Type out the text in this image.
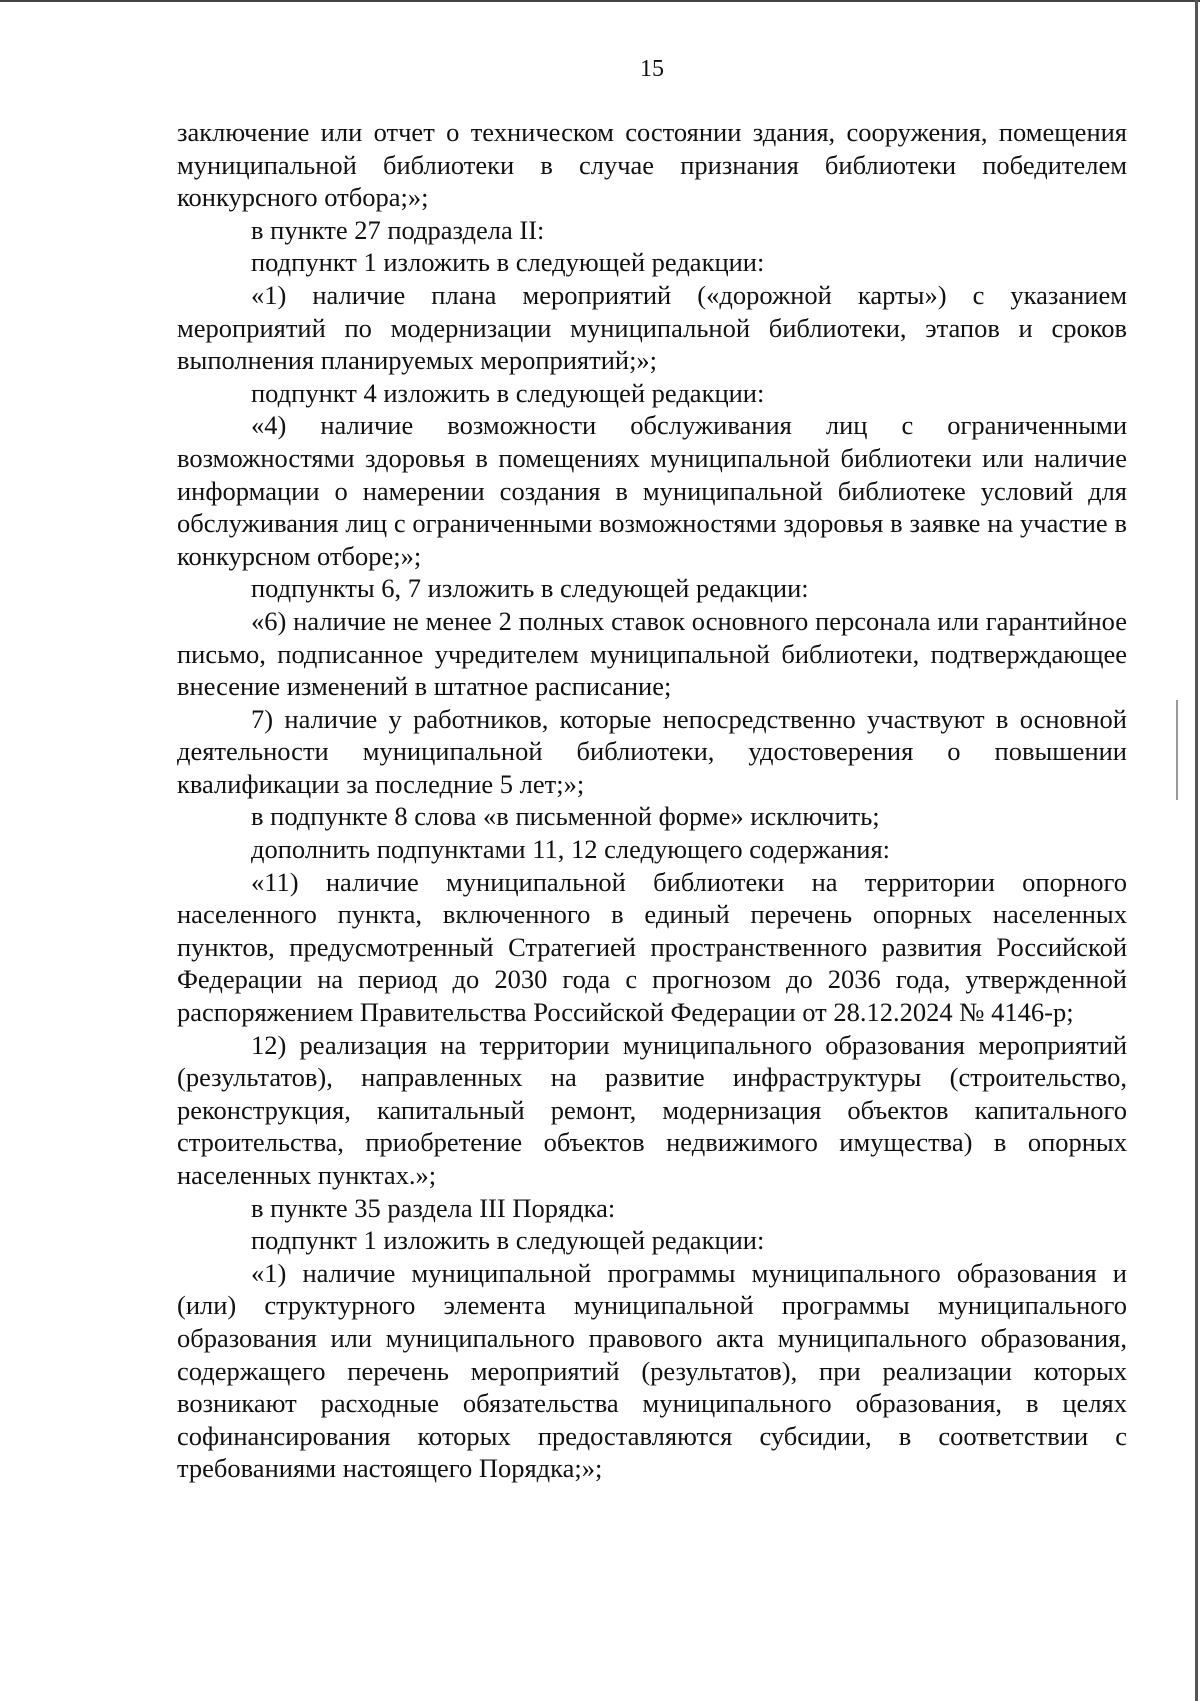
15

заключение или отчет о техническом состоянии здания, сооружения, помещения муниципальной библиотеки в случае признания библиотеки победителем конкурсного отбора;»;

в пункте 27 подраздела II:

подпункт 1 изложить в следующей редакции:

«1) наличие плана мероприятий («дорожной карты») с указанием мероприятий по модернизации муниципальной библиотеки, этапов и сроков выполнения планируемых мероприятий;»;

подпункт 4 изложить в следующей редакции:

«4) наличие возможности обслуживания лиц с ограниченными возможностями здоровья в помещениях муниципальной библиотеки или наличие информации о намерении создания в муниципальной библиотеке условий для обслуживания лиц с ограниченными возможностями здоровья в заявке на участие в конкурсном отборе;»;

подпункты 6, 7 изложить в следующей редакции:

«6) наличие не менее 2 полных ставок основного персонала или гарантийное письмо, подписанное учредителем муниципальной библиотеки, подтверждающее внесение изменений в штатное расписание;

7) наличие у работников, которые непосредственно участвуют в основной деятельности муниципальной библиотеки, удостоверения о повышении квалификации за последние 5 лет;»;

в подпункте 8 слова «в письменной форме» исключить;

дополнить подпунктами 11, 12 следующего содержания:

«11) наличие муниципальной библиотеки на территории опорного населенного пункта, включенного в единый перечень опорных населенных пунктов, предусмотренный Стратегией пространственного развития Российской Федерации на период до 2030 года с прогнозом до 2036 года, утвержденной распоряжением Правительства Российской Федерации от 28.12.2024 № 4146-р;

12) реализация на территории муниципального образования мероприятий (результатов), направленных на развитие инфраструктуры (строительство, реконструкция, капитальный ремонт, модернизация объектов капитального строительства, приобретение объектов недвижимого имущества) в опорных населенных пунктах.»;

в пункте 35 раздела III Порядка:

подпункт 1 изложить в следующей редакции:

«1) наличие муниципальной программы муниципального образования и (или) структурного элемента муниципальной программы муниципального образования или муниципального правового акта муниципального образования, содержащего перечень мероприятий (результатов), при реализации которых возникают расходные обязательства муниципального образования, в целях софинансирования которых предоставляются субсидии, в соответствии с требованиями настоящего Порядка;»;
